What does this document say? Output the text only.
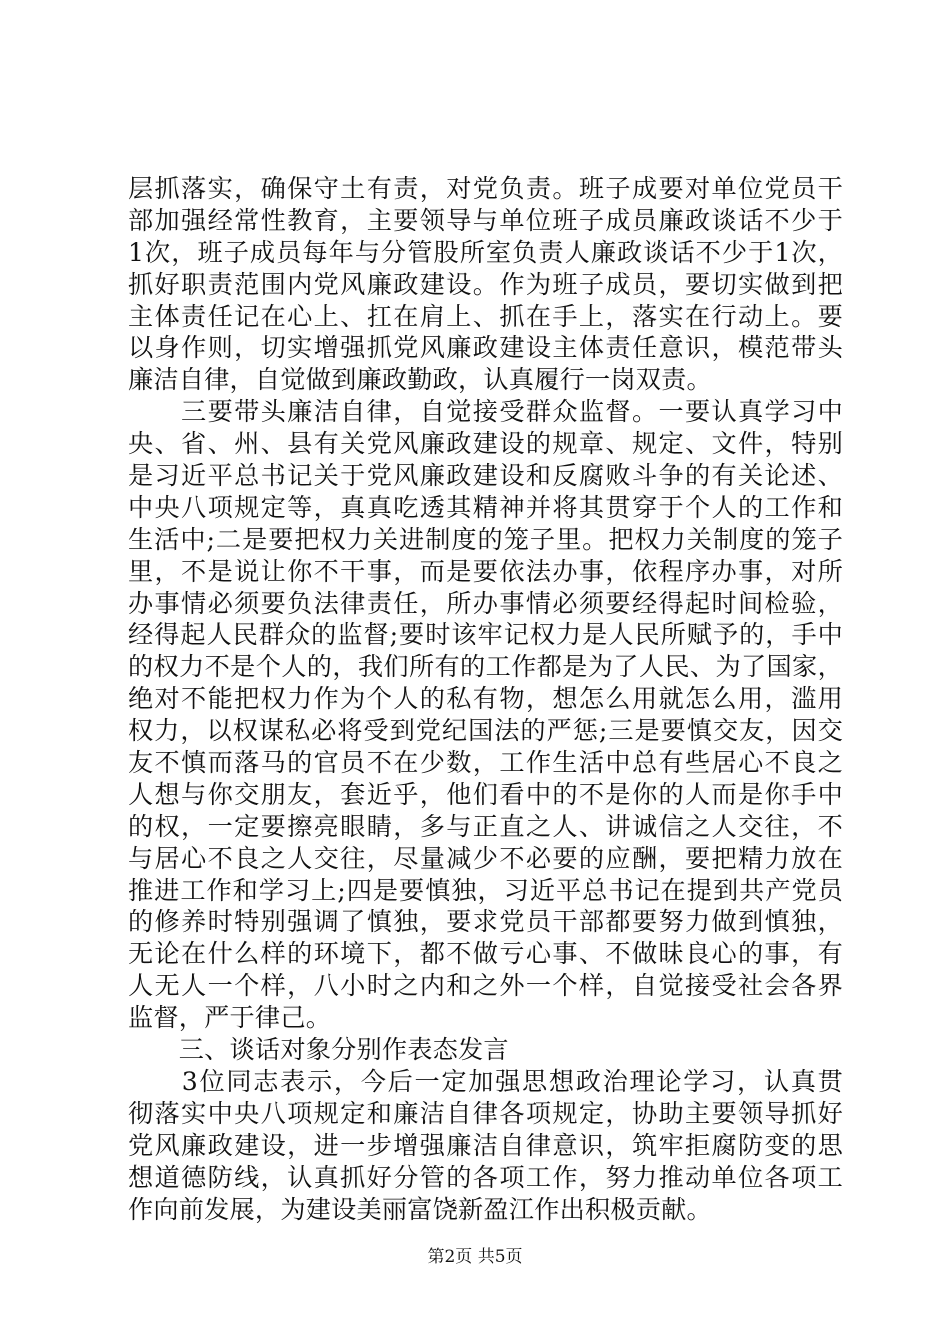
层抓落实，确保守土有责，对党负责。班子成要对单位党员干
部加强经常性教育，主要领导与单位班子成员廉政谈话不少于
1次，班子成员每年与分管股所室负责人廉政谈话不少于1次，
抓好职责范围内党风廉政建设。作为班子成员，要切实做到把
主体责任记在心上、扛在肩上、抓在手上，落实在行动上。要
以身作则，切实增强抓党风廉政建设主体责任意识，模范带头
廉洁自律，自觉做到廉政勤政，认真履行一岗双责。
　　三要带头廉洁自律，自觉接受群众监督。一要认真学习中
央、省、州、县有关党风廉政建设的规章、规定、文件，特别
是习近平总书记关于党风廉政建设和反腐败斗争的有关论述、
中央八项规定等，真真吃透其精神并将其贯穿于个人的工作和
生活中;二是要把权力关进制度的笼子里。把权力关制度的笼子
里，不是说让你不干事，而是要依法办事，依程序办事，对所
办事情必须要负法律责任，所办事情必须要经得起时间检验，
经得起人民群众的监督;要时该牢记权力是人民所赋予的，手中
的权力不是个人的，我们所有的工作都是为了人民、为了国家，
绝对不能把权力作为个人的私有物，想怎么用就怎么用，滥用
权力，以权谋私必将受到党纪国法的严惩;三是要慎交友，因交
友不慎而落马的官员不在少数，工作生活中总有些居心不良之
人想与你交朋友，套近乎，他们看中的不是你的人而是你手中
的权，一定要擦亮眼睛，多与正直之人、讲诚信之人交往，不
与居心不良之人交往，尽量减少不必要的应酬，要把精力放在
推进工作和学习上;四是要慎独，习近平总书记在提到共产党员
的修养时特别强调了慎独，要求党员干部都要努力做到慎独，
无论在什么样的环境下，都不做亏心事、不做昧良心的事，有
人无人一个样，八小时之内和之外一个样，自觉接受社会各界
监督，严于律己。
　　三、谈话对象分别作表态发言
　　3位同志表示，今后一定加强思想政治理论学习，认真贯
彻落实中央八项规定和廉洁自律各项规定，协助主要领导抓好
党风廉政建设，进一步增强廉洁自律意识，筑牢拒腐防变的思
想道德防线，认真抓好分管的各项工作，努力推动单位各项工
作向前发展，为建设美丽富饶新盈江作出积极贡献。
第2页 共5页
